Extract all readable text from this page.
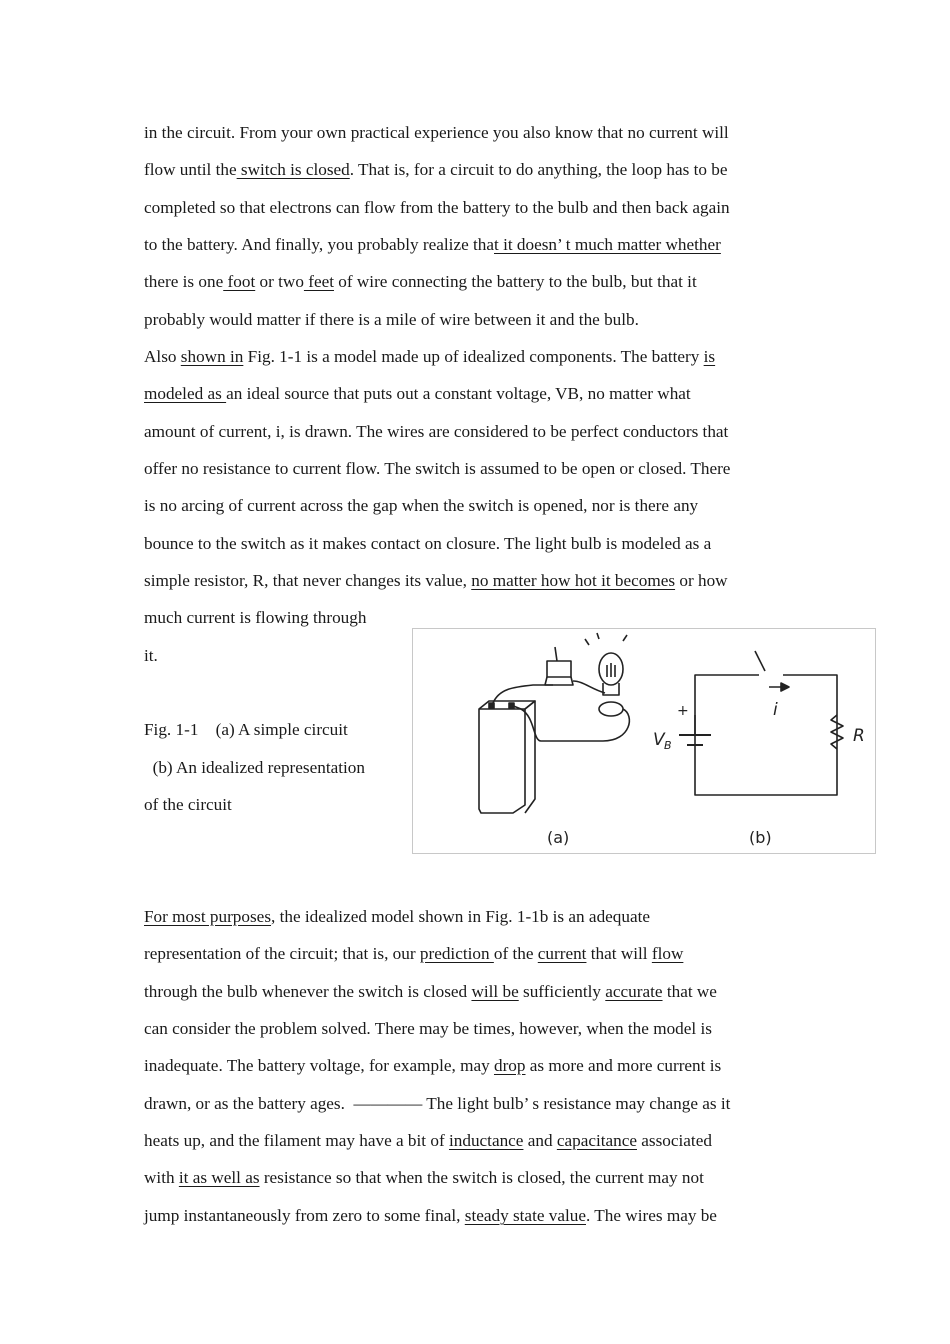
in the circuit. From your own practical experience you also know that no current will
flow until the switch is closed. That is, for a circuit to do anything, the loop has to be
completed so that electrons can flow from the battery to the bulb and then back again
to the battery. And finally, you probably realize that it doesn’ t much matter whether
there is one foot or two feet of wire connecting the battery to the bulb, but that it
probably would matter if there is a mile of wire between it and the bulb.
Also shown in Fig. 1-1 is a model made up of idealized components. The battery is
modeled as an ideal source that puts out a constant voltage, VB, no matter what
amount of current, i, is drawn. The wires are considered to be perfect conductors that
offer no resistance to current flow. The switch is assumed to be open or closed. There
is no arcing of current across the gap when the switch is opened, nor is there any
bounce to the switch as it makes contact on closure. The light bulb is modeled as a
simple resistor, R, that never changes its value, no matter how hot it becomes or how
much current is flowing through
it.
Fig. 1-1    (a) A simple circuit
(b) An idealized representation
of the circuit
+
V B
i
R
(a)	(b)
For most purposes, the idealized model shown in Fig. 1-1b is an adequate
representation of the circuit; that is, our prediction of the current that will flow
through the bulb whenever the switch is closed will be sufficiently accurate that we
can consider the problem solved. There may be times, however, when the model is
inadequate. The battery voltage, for example, may drop as more and more current is
drawn, or as the battery ages.  ———— The light bulb’ s resistance may change as it
heats up, and the filament may have a bit of inductance and capacitance associated
with it as well as resistance so that when the switch is closed, the current may not
jump instantaneously from zero to some final, steady state value. The wires may be
